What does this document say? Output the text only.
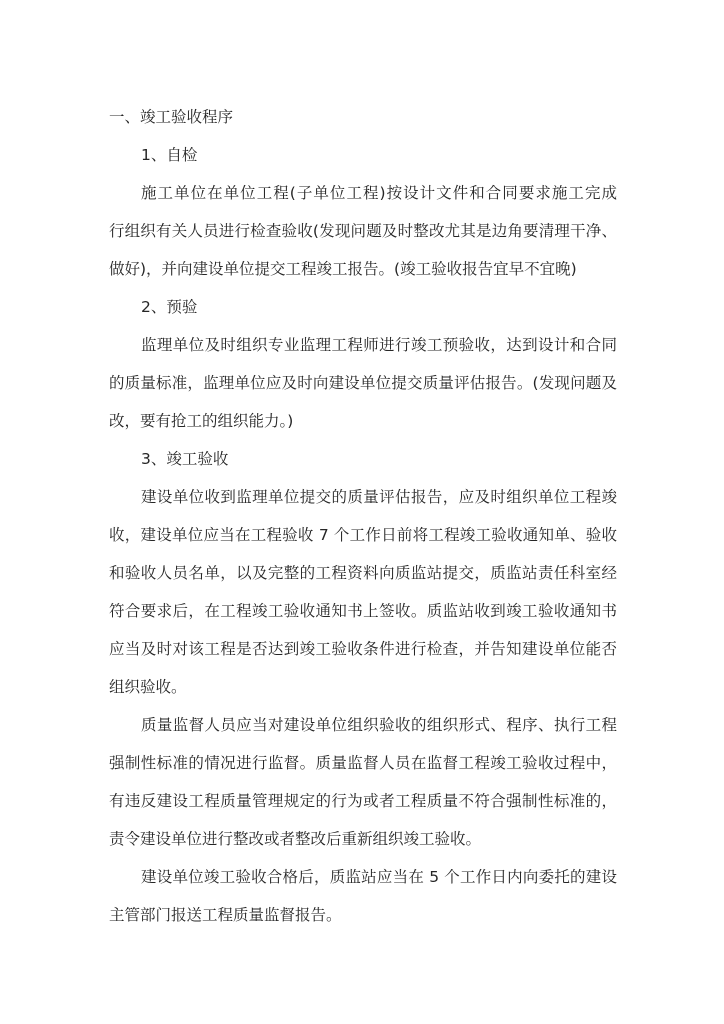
一、竣工验收程序
1、自检
施工单位在单位工程(子单位工程)按设计文件和合同要求施工完成
行组织有关人员进行检查验收(发现问题及时整改尤其是边角要清理干净、
做好)，并向建设单位提交工程竣工报告。(竣工验收报告宜早不宜晚)
2、预验
监理单位及时组织专业监理工程师进行竣工预验收，达到设计和合同
的质量标准，监理单位应及时向建设单位提交质量评估报告。(发现问题及
改，要有抢工的组织能力。)
3、竣工验收
建设单位收到监理单位提交的质量评估报告，应及时组织单位工程竣
收，建设单位应当在工程验收 7 个工作日前将工程竣工验收通知单、验收
和验收人员名单，以及完整的工程资料向质监站提交，质监站责任科室经
符合要求后，在工程竣工验收通知书上签收。质监站收到竣工验收通知书
应当及时对该工程是否达到竣工验收条件进行检查，并告知建设单位能否
组织验收。
质量监督人员应当对建设单位组织验收的组织形式、程序、执行工程
强制性标准的情况进行监督。质量监督人员在监督工程竣工验收过程中，
有违反建设工程质量管理规定的行为或者工程质量不符合强制性标准的，
责令建设单位进行整改或者整改后重新组织竣工验收。
建设单位竣工验收合格后，质监站应当在 5 个工作日内向委托的建设
主管部门报送工程质量监督报告。
